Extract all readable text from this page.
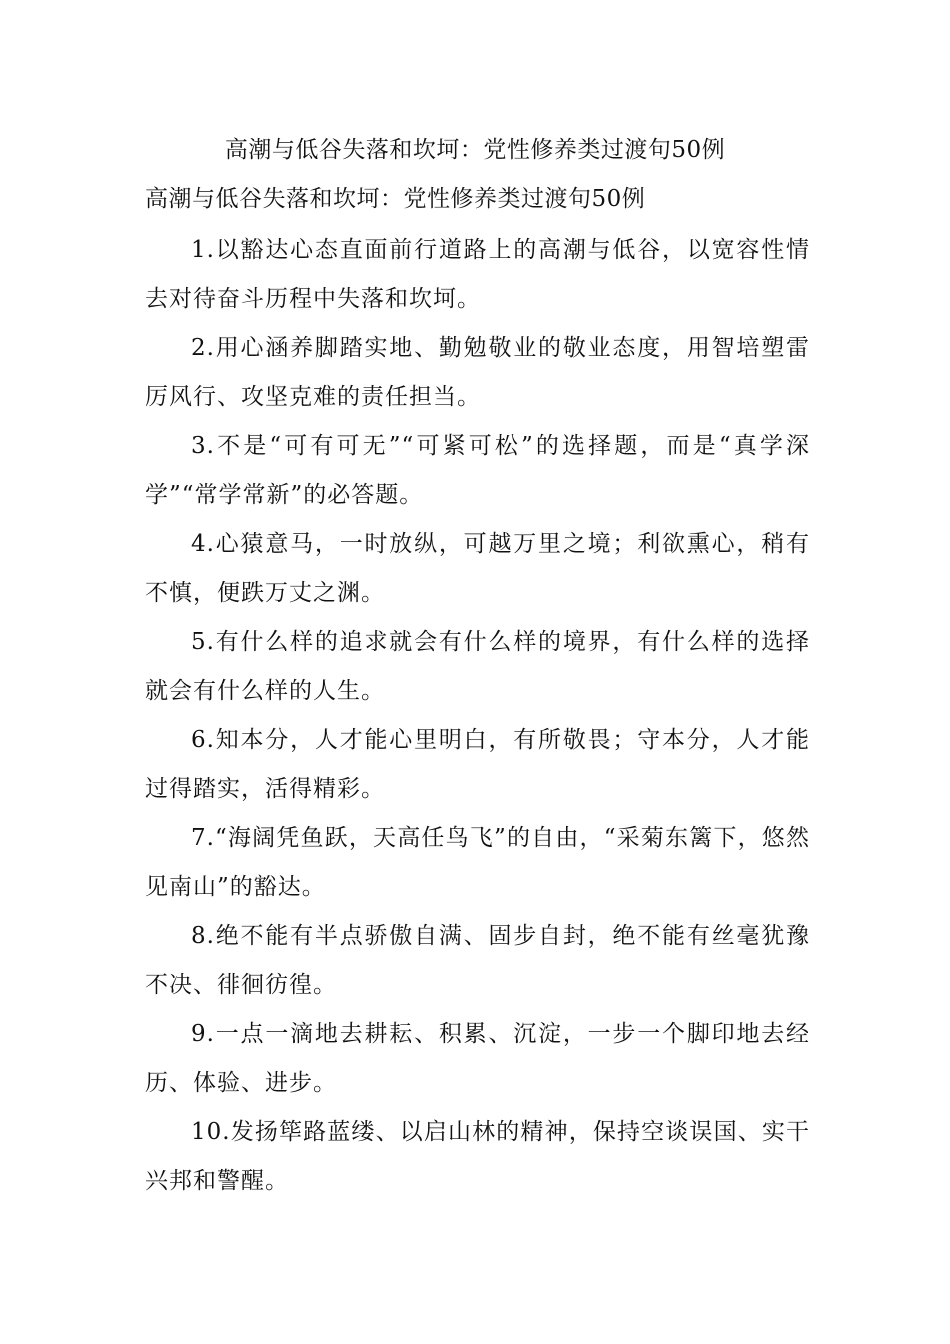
高潮与低谷失落和坎坷：党性修养类过渡句50例
高潮与低谷失落和坎坷：党性修养类过渡句50例

1.以豁达心态直面前行道路上的高潮与低谷，以宽容性情去对待奋斗历程中失落和坎坷。

2.用心涵养脚踏实地、勤勉敬业的敬业态度，用智培塑雷厉风行、攻坚克难的责任担当。

3.不是“可有可无”“可紧可松”的选择题，而是“真学深学”“常学常新”的必答题。

4.心猿意马，一时放纵，可越万里之境；利欲熏心，稍有不慎，便跌万丈之渊。

5.有什么样的追求就会有什么样的境界，有什么样的选择就会有什么样的人生。

6.知本分，人才能心里明白，有所敬畏；守本分，人才能过得踏实，活得精彩。

7.“海阔凭鱼跃，天高任鸟飞”的自由，“采菊东篱下，悠然见南山”的豁达。

8.绝不能有半点骄傲自满、固步自封，绝不能有丝毫犹豫不决、徘徊彷徨。

9.一点一滴地去耕耘、积累、沉淀，一步一个脚印地去经历、体验、进步。

10.发扬筚路蓝缕、以启山林的精神，保持空谈误国、实干兴邦和警醒。
